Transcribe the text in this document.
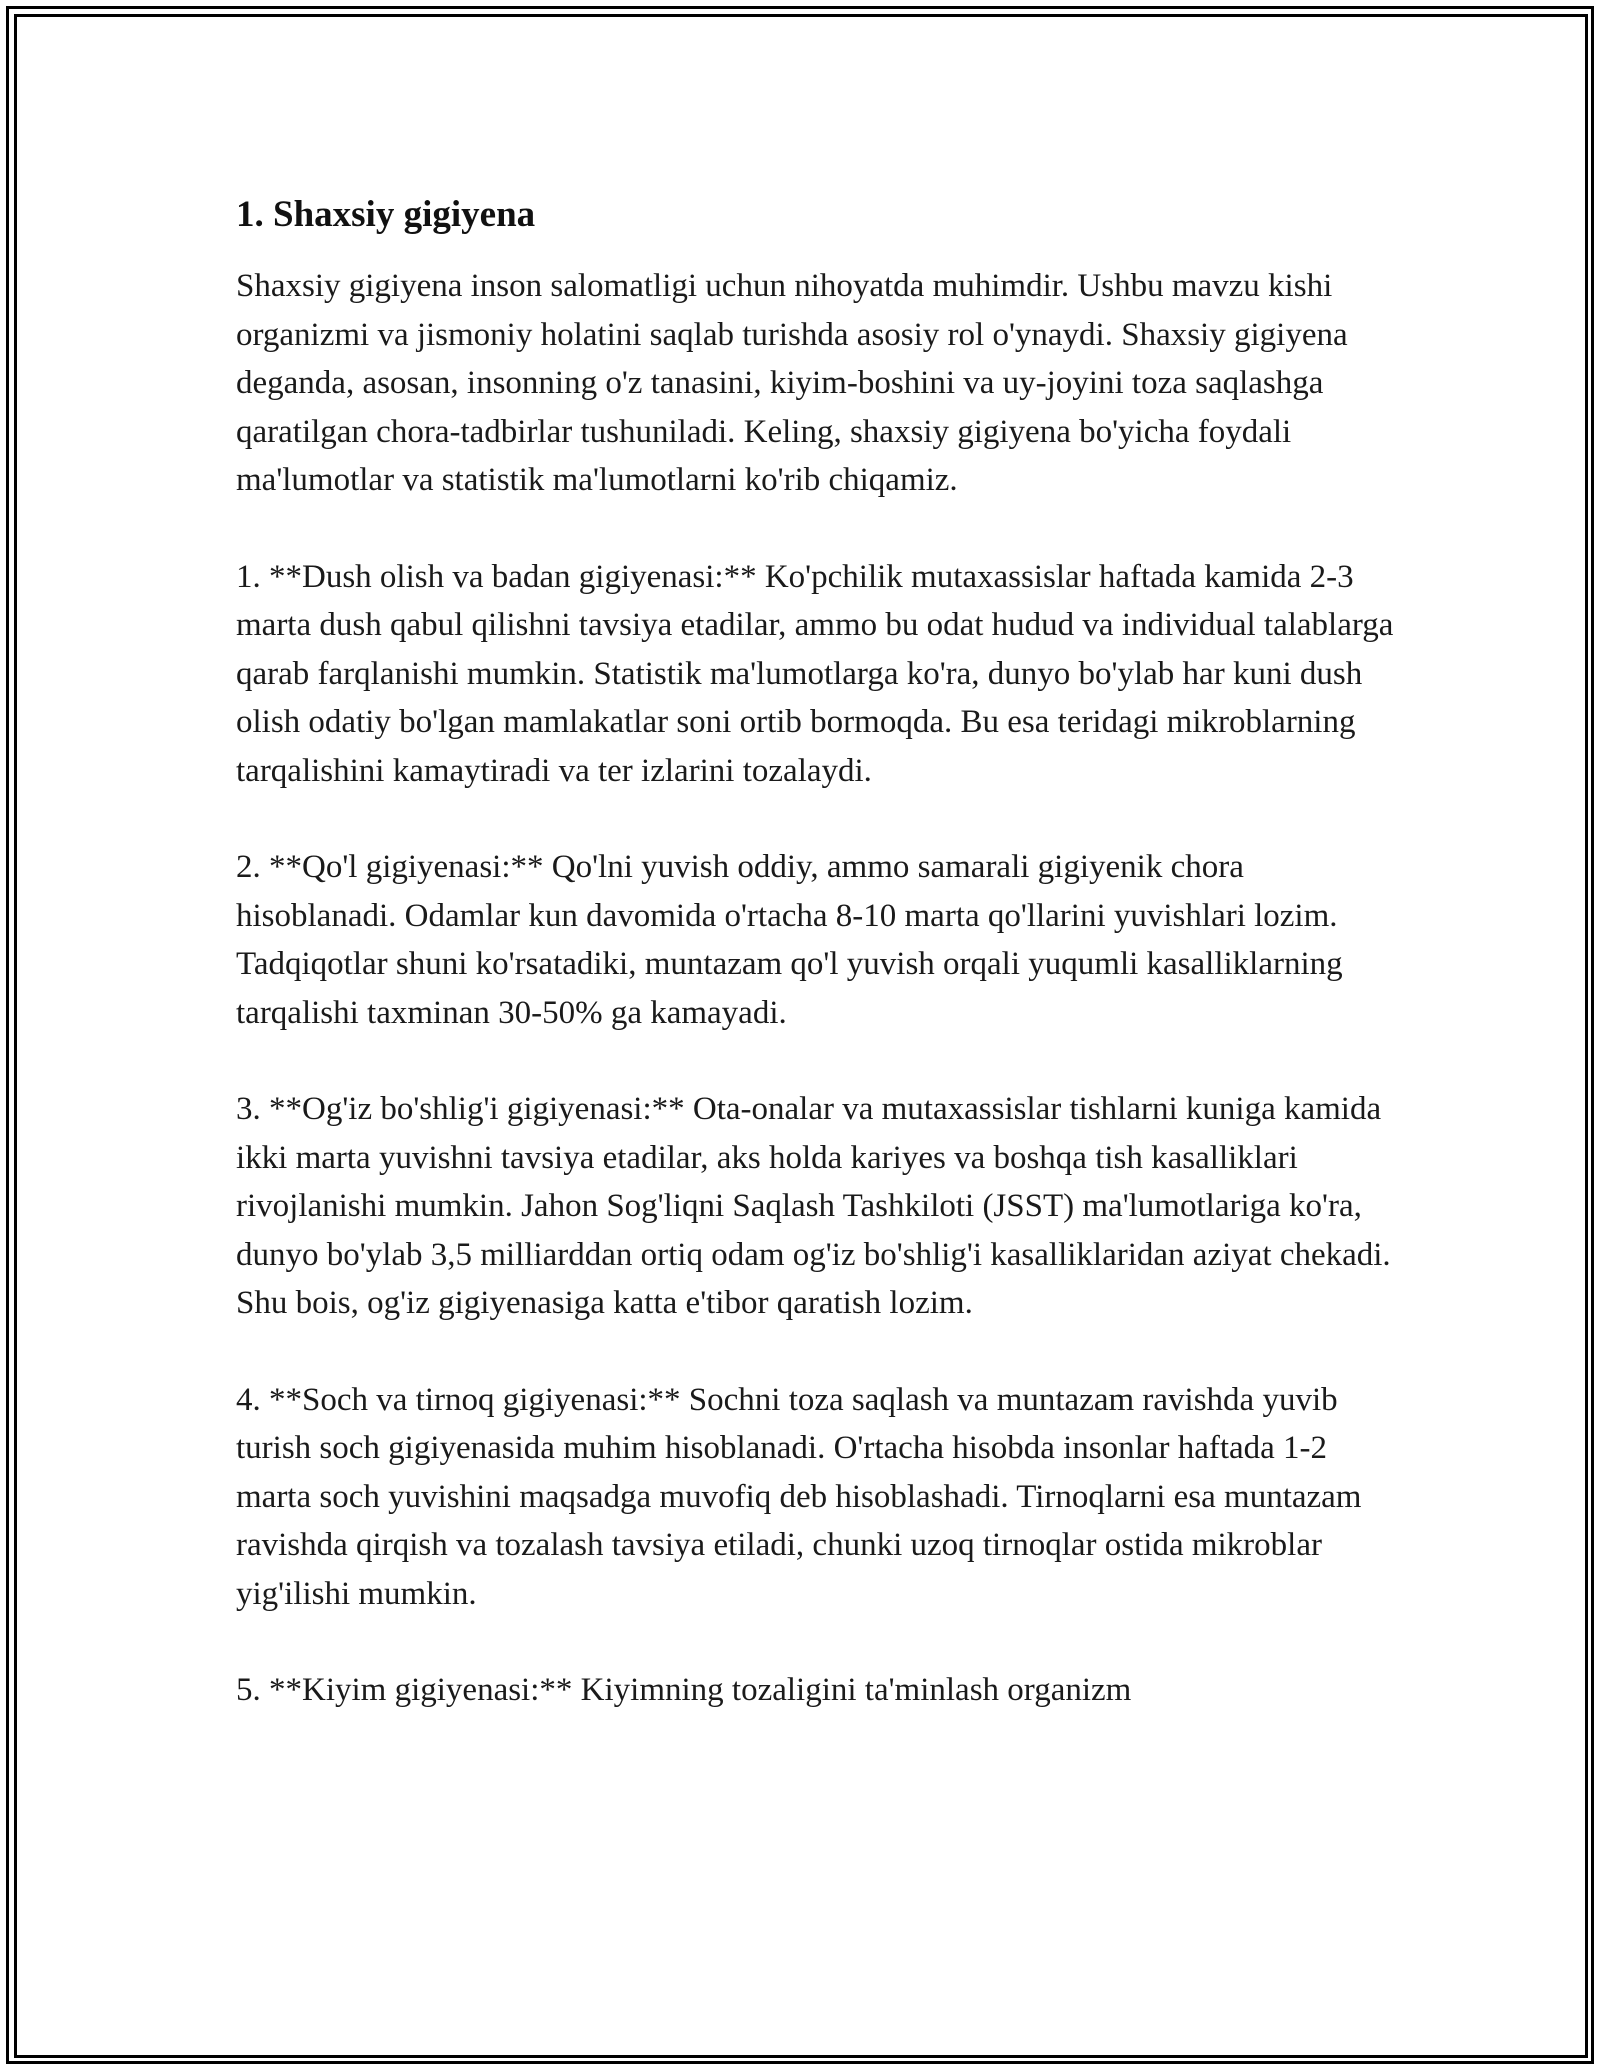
1. Shaxsiy gigiyena

Shaxsiy gigiyena inson salomatligi uchun nihoyatda muhimdir. Ushbu mavzu kishi organizmi va jismoniy holatini saqlab turishda asosiy rol o'ynaydi. Shaxsiy gigiyena deganda, asosan, insonning o'z tanasini, kiyim-boshini va uy-joyini toza saqlashga qaratilgan chora-tadbirlar tushuniladi. Keling, shaxsiy gigiyena bo'yicha foydali ma'lumotlar va statistik ma'lumotlarni ko'rib chiqamiz.

1. **Dush olish va badan gigiyenasi:** Ko'pchilik mutaxassislar haftada kamida 2-3 marta dush qabul qilishni tavsiya etadilar, ammo bu odat hudud va individual talablarga qarab farqlanishi mumkin. Statistik ma'lumotlarga ko'ra, dunyo bo'ylab har kuni dush olish odatiy bo'lgan mamlakatlar soni ortib bormoqda. Bu esa teridagi mikroblarning tarqalishini kamaytiradi va ter izlarini tozalaydi.

2. **Qo'l gigiyenasi:** Qo'lni yuvish oddiy, ammo samarali gigiyenik chora hisoblanadi. Odamlar kun davomida o'rtacha 8-10 marta qo'llarini yuvishlari lozim. Tadqiqotlar shuni ko'rsatadiki, muntazam qo'l yuvish orqali yuqumli kasalliklarning tarqalishi taxminan 30-50% ga kamayadi.

3. **Og'iz bo'shlig'i gigiyenasi:** Ota-onalar va mutaxassislar tishlarni kuniga kamida ikki marta yuvishni tavsiya etadilar, aks holda kariyes va boshqa tish kasalliklari rivojlanishi mumkin. Jahon Sog'liqni Saqlash Tashkiloti (JSST) ma'lumotlariga ko'ra, dunyo bo'ylab 3,5 milliarddan ortiq odam og'iz bo'shlig'i kasalliklaridan aziyat chekadi. Shu bois, og'iz gigiyenasiga katta e'tibor qaratish lozim.

4. **Soch va tirnoq gigiyenasi:** Sochni toza saqlash va muntazam ravishda yuvib turish soch gigiyenasida muhim hisoblanadi. O'rtacha hisobda insonlar haftada 1-2 marta soch yuvishini maqsadga muvofiq deb hisoblashadi. Tirnoqlarni esa muntazam ravishda qirqish va tozalash tavsiya etiladi, chunki uzoq tirnoqlar ostida mikroblar yig'ilishi mumkin.

5. **Kiyim gigiyenasi:** Kiyimning tozaligini ta'minlash organizm
